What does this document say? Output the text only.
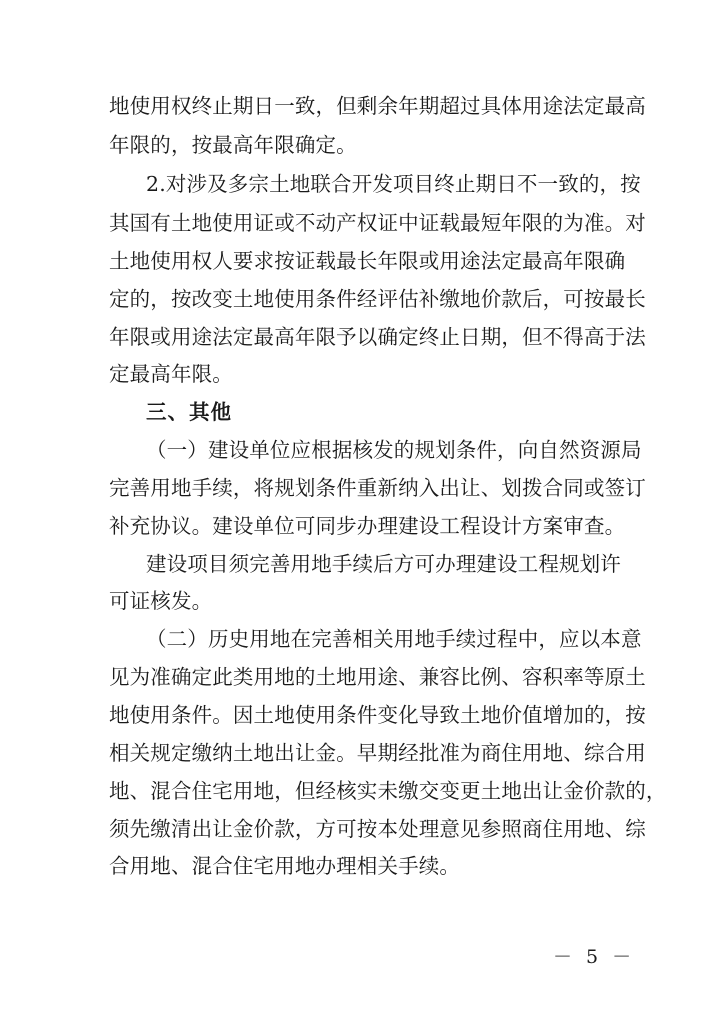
地使用权终止期日一致，但剩余年期超过具体用途法定最高
年限的，按最高年限确定。
2.对涉及多宗土地联合开发项目终止期日不一致的，按
其国有土地使用证或不动产权证中证载最短年限的为准。对
土地使用权人要求按证载最长年限或用途法定最高年限确
定的，按改变土地使用条件经评估补缴地价款后，可按最长
年限或用途法定最高年限予以确定终止日期，但不得高于法
定最高年限。
三、其他
（一）建设单位应根据核发的规划条件，向自然资源局
完善用地手续，将规划条件重新纳入出让、划拨合同或签订
补充协议。建设单位可同步办理建设工程设计方案审查。
建设项目须完善用地手续后方可办理建设工程规划许
可证核发。
（二）历史用地在完善相关用地手续过程中，应以本意
见为准确定此类用地的土地用途、兼容比例、容积率等原土
地使用条件。因土地使用条件变化导致土地价值增加的，按
相关规定缴纳土地出让金。早期经批准为商住用地、综合用
地、混合住宅用地，但经核实未缴交变更土地出让金价款的，
须先缴清出让金价款，方可按本处理意见参照商住用地、综
合用地、混合住宅用地办理相关手续。
－ 5 －
